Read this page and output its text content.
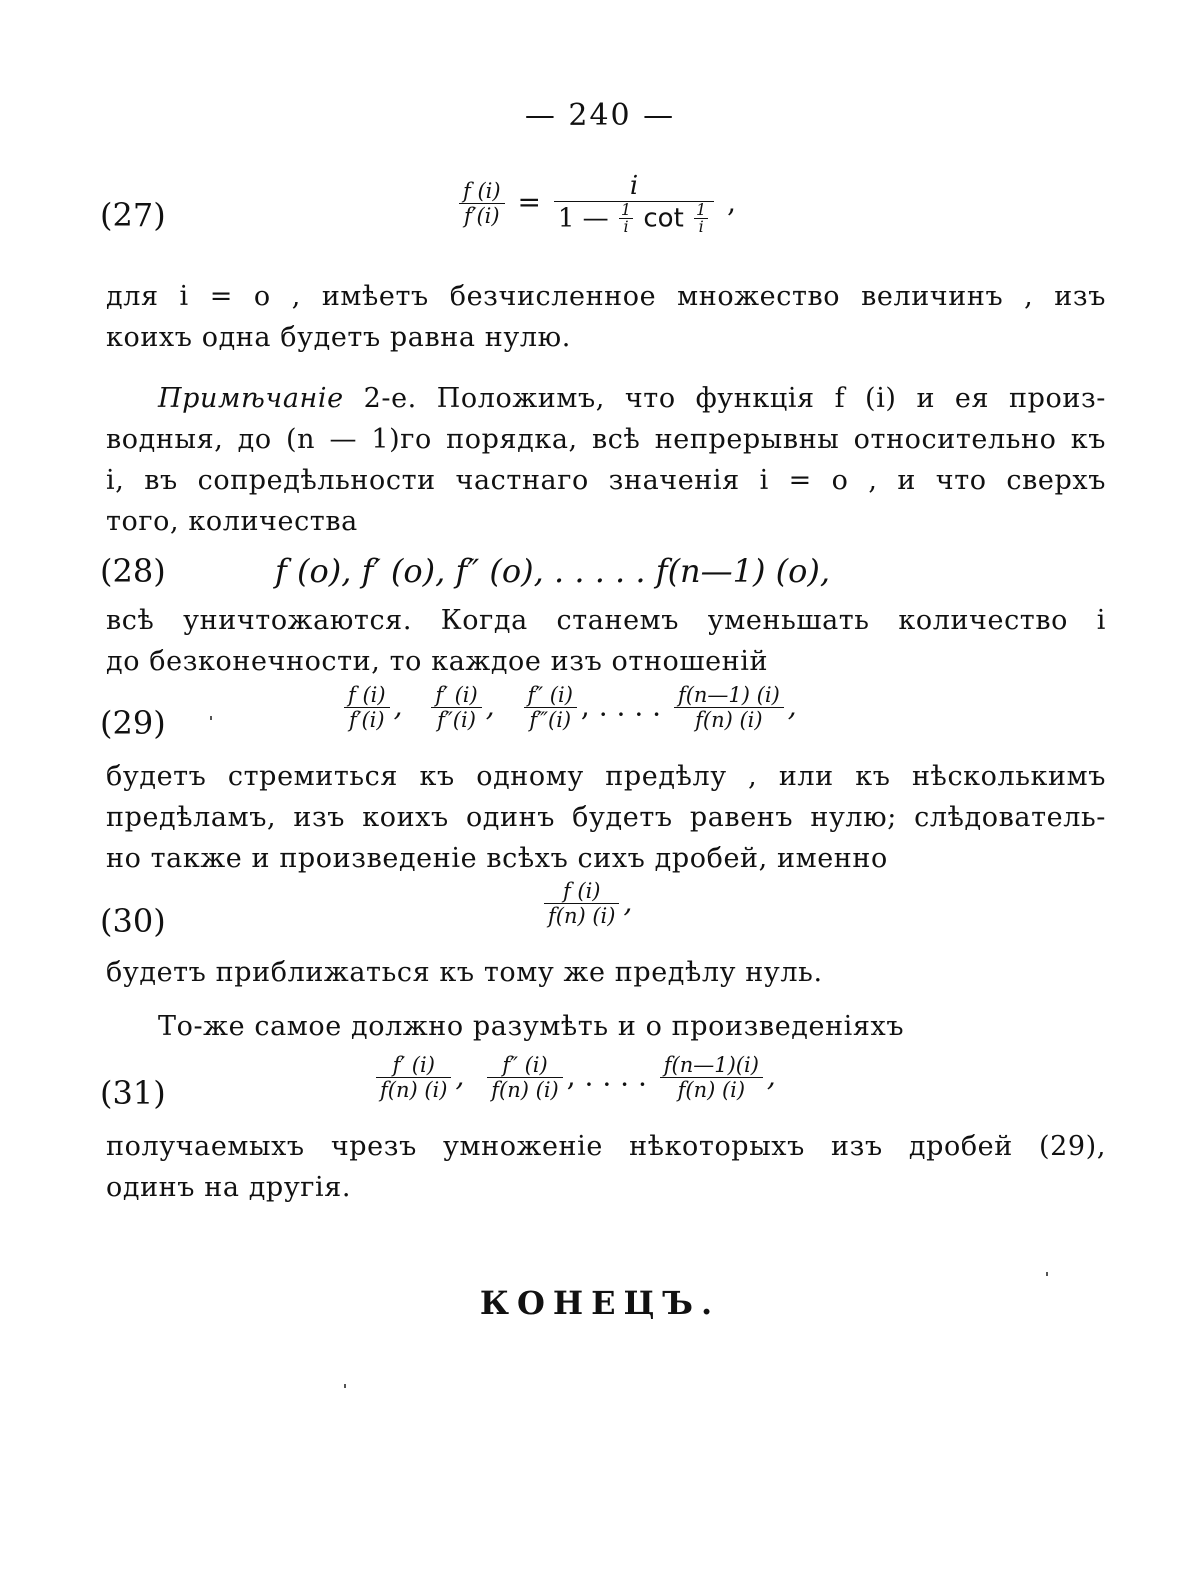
— 240 —
(27)	$\frac{f (i)}{f'(i)}$ =	i
1 — $\frac{1}{i}$ $\cot \frac{1}{i}$ ,
для i = o , имѣетъ безчисленное множество величинъ , изъ
коихъ одна будетъ равна нулю.
Примѣчаніе 2-е. Положимъ, что функція f (i) и ея произ-
водныя, до (n — 1)го порядка, всѣ непрерывны относительно къ
i, въ сопредѣльности частнаго значенія i = o , и что сверхъ
того, количества
(28)	f (o), f′ (o), f″ (o), . . . . . f(n—1) (o),
всѣ уничтожаются. Когда станемъ уменьшать количество i
до безконечности, то каждое изъ отношеній
(29)	$\frac{f (i)}{f'(i)}$ , $\frac{f' (i)}{f''(i)}$ , $\frac{f'' (i)}{f‴(i)}$ , . . . . $\frac{f(n—1) (i)}{f(n) (i)}$ ,
будетъ стремиться къ одному предѣлу , или къ нѣсколькимъ
предѣламъ, изъ коихъ одинъ будетъ равенъ нулю; слѣдователь-
но также и произведеніе всѣхъ сихъ дробей, именно
(30)	$\frac{f (i)}{f(n) (i)}$ ,
будетъ приближаться къ тому же предѣлу нуль.
То-же самое должно разумѣть и о произведеніяхъ
(31)	$\frac{f' (i)}{f(n) (i)}$ , $\frac{f'' (i)}{f(n) (i)}$ , . . . . $\frac{f(n—1)(i)}{f(n) (i)}$ ,
получаемыхъ чрезъ умноженіе нѣкоторыхъ изъ дробей (29),
одинъ на другія.
КОНЕЦЪ.
